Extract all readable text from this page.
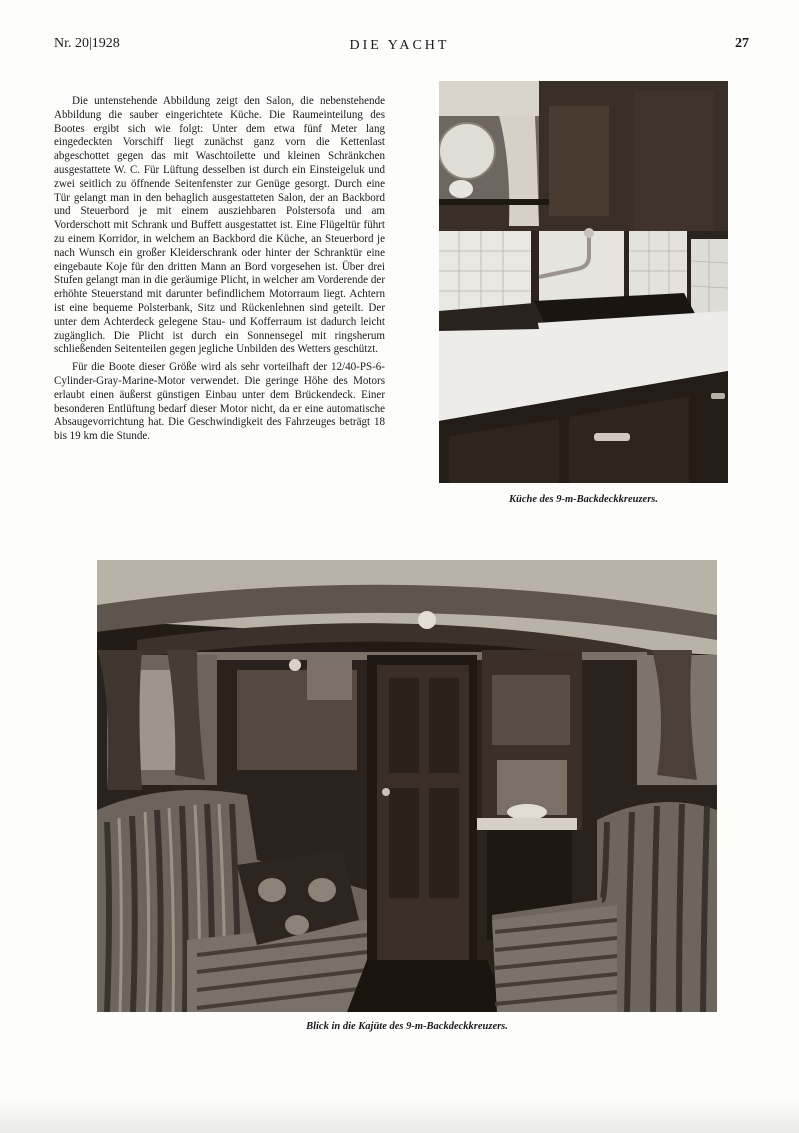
Nr. 20|1928	DIE YACHT	27

Die untenstehende Abbildung zeigt den Salon, die nebenstehende Abbildung die sauber eingerichtete Küche. Die Raumeinteilung des Bootes ergibt sich wie folgt: Unter dem etwa fünf Meter lang eingedeckten Vorschiff liegt zunächst ganz vorn die Kettenlast abgeschottet gegen das mit Waschtoilette und kleinen Schränkchen ausgestattete W. C. Für Lüftung desselben ist durch ein Einsteigeluk und zwei seitlich zu öffnende Seitenfenster zur Genüge gesorgt. Durch eine Tür gelangt man in den behaglich ausgestatteten Salon, der an Backbord und Steuerbord je mit einem ausziehbaren Polstersofa und am Vorderschott mit Schrank und Buffett ausgestattet ist. Eine Flügeltür führt zu einem Korridor, in welchem an Backbord die Küche, an Steuerbord je nach Wunsch ein großer Kleiderschrank oder hinter der Schranktür eine eingebaute Koje für den dritten Mann an Bord vorgesehen ist. Über drei Stufen gelangt man in die geräumige Plicht, in welcher am Vorderende der erhöhte Steuerstand mit darunter befindlichem Motorraum liegt. Achtern ist eine bequeme Polsterbank, Sitz und Rückenlehnen sind geteilt. Der unter dem Achterdeck gelegene Stau- und Kofferraum ist dadurch leicht zugänglich. Die Plicht ist durch ein Sonnensegel mit ringsherum schließenden Seitenteilen gegen jegliche Unbilden des Wetters geschützt.

Für die Boote dieser Größe wird als sehr vorteilhaft der 12/40-PS-6-Cylinder-Gray-Marine-Motor verwendet. Die geringe Höhe des Motors erlaubt einen äußerst günstigen Einbau unter dem Brückendeck. Einer besonderen Entlüftung bedarf dieser Motor nicht, da er eine automatische Absaugevorrichtung hat. Die Geschwindigkeit des Fahrzeuges beträgt 18 bis 19 km die Stunde.

Küche des 9-m-Backdeckkreuzers.
Blick in die Kajüte des 9-m-Backdeckkreuzers.
